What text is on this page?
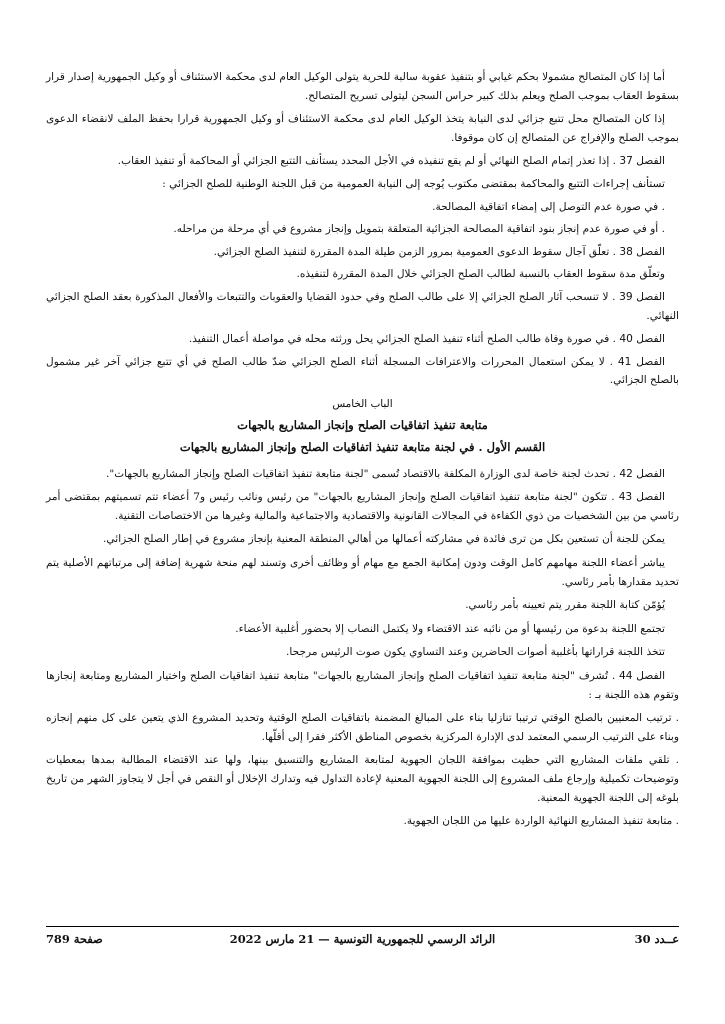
أما إذا كان المتصالح مشمولا بحكم غيابي أو بتنفيذ عقوبة سالبة للحرية يتولى الوكيل العام لدى محكمة الاستئناف أو وكيل الجمهورية إصدار قرار بسقوط العقاب بموجب الصلح ويعلم بذلك كبير حراس السجن ليتولى تسريح المتصالح.

إذا كان المتصالح محل تتبع جزائي لدى النيابة يتخذ الوكيل العام لدى محكمة الاستئناف أو وكيل الجمهورية قرارا بحفظ الملف لانقضاء الدعوى بموجب الصلح والإفراج عن المتصالح إن كان موقوفا.

الفصل 37 . إذا تعذر إتمام الصلح النهائي أو لم يقع تنفيذه في الأجل المحدد يستأنف التتبع الجزائي أو المحاكمة أو تنفيذ العقاب.

تستأنف إجراءات التتبع والمحاكمة بمقتضى مكتوب يُوجه إلى النيابة العمومية من قبل اللجنة الوطنية للصلح الجزائي :

. في صورة عدم التوصل إلى إمضاء اتفاقية المصالحة.

. أو في صورة عدم إنجاز بنود اتفاقية المصالحة الجزائية المتعلقة بتمويل وإنجاز مشروع في أي مرحلة من مراحله.

الفصل 38 . تعلّق آجال سقوط الدعوى العمومية بمرور الزمن طيلة المدة المقررة لتنفيذ الصلح الجزائي.

وتعلّق مدة سقوط العقاب بالنسبة لطالب الصلح الجزائي خلال المدة المقررة لتنفيذه.

الفصل 39 . لا تنسحب آثار الصلح الجزائي إلا على طالب الصلح وفي حدود القضايا والعقوبات والتتبعات والأفعال المذكورة بعقد الصلح الجزائي النهائي.

الفصل 40 . في صورة وفاة طالب الصلح أثناء تنفيذ الصلح الجزائي يحل ورثته محله في مواصلة أعمال التنفيذ.

الفصل 41 . لا يمكن استعمال المحررات والاعترافات المسجلة أثناء الصلح الجزائي ضدّ طالب الصلح في أي تتبع جزائي آخر غير مشمول بالصلح الجزائي.

الباب الخامس
متابعة تنفيذ اتفاقيات الصلح وإنجاز المشاريع بالجهات
القسم الأول . في لجنة متابعة تنفيذ اتفاقيات الصلح وإنجاز المشاريع بالجهات

الفصل 42 . تحدث لجنة خاصة لدى الوزارة المكلفة بالاقتصاد تُسمى "لجنة متابعة تنفيذ اتفاقيات الصلح وإنجاز المشاريع بالجهات".

الفصل 43 . تتكون "لجنة متابعة تنفيذ اتفاقيات الصلح وإنجاز المشاريع بالجهات" من رئيس ونائب رئيس و7 أعضاء تتم تسميتهم بمقتضى أمر رئاسي من بين الشخصيات من ذوي الكفاءة في المجالات القانونية والاقتصادية والاجتماعية والمالية وغيرها من الاختصاصات التقنية.

يمكن للجنة أن تستعين بكل من ترى فائدة في مشاركته أعمالها من أهالي المنطقة المعنية بإنجاز مشروع في إطار الصلح الجزائي.

يباشر أعضاء اللجنة مهامهم كامل الوقت ودون إمكانية الجمع مع مهام أو وظائف أخرى وتسند لهم منحة شهرية إضافة إلى مرتباتهم الأصلية يتم تحديد مقدارها بأمر رئاسي.

يُؤمّن كتابة اللجنة مقرر يتم تعيينه بأمر رئاسي.

تجتمع اللجنة بدعوة من رئيسها أو من نائبه عند الاقتضاء ولا يكتمل النصاب إلا بحضور أغلبية الأعضاء.

تتخذ اللجنة قراراتها بأغلبية أصوات الحاضرين وعند التساوي يكون صوت الرئيس مرجحا.

الفصل 44 . تُشرف "لجنة متابعة تنفيذ اتفاقيات الصلح وإنجاز المشاريع بالجهات" متابعة تنفيذ اتفاقيات الصلح واختيار المشاريع ومتابعة إنجازها وتقوم هذه اللجنة بـ :

. ترتيب المعنيين بالصلح الوقتي ترتيبا تنازليا بناء على المبالغ المضمنة باتفاقيات الصلح الوقتية وتحديد المشروع الذي يتعين على كل منهم إنجازه وبناء على الترتيب الرسمي المعتمد لدى الإدارة المركزية بخصوص المناطق الأكثر فقرا إلى أقلّها.

. تلقي ملفات المشاريع التي حظيت بموافقة اللجان الجهوية لمتابعة المشاريع والتنسيق بينها، ولها عند الاقتضاء المطالبة بمدها بمعطيات وتوضيحات تكميلية وإرجاع ملف المشروع إلى اللجنة الجهوية المعنية لإعادة التداول فيه وتدارك الإخلال أو النقص في أجل لا يتجاوز الشهر من تاريخ بلوغه إلى اللجنة الجهوية المعنية.

. متابعة تنفيذ المشاريع النهائية الواردة عليها من اللجان الجهوية.

صفحة 789	الرائد الرسمي للجمهورية التونسية — 21 مارس 2022	عــدد 30
